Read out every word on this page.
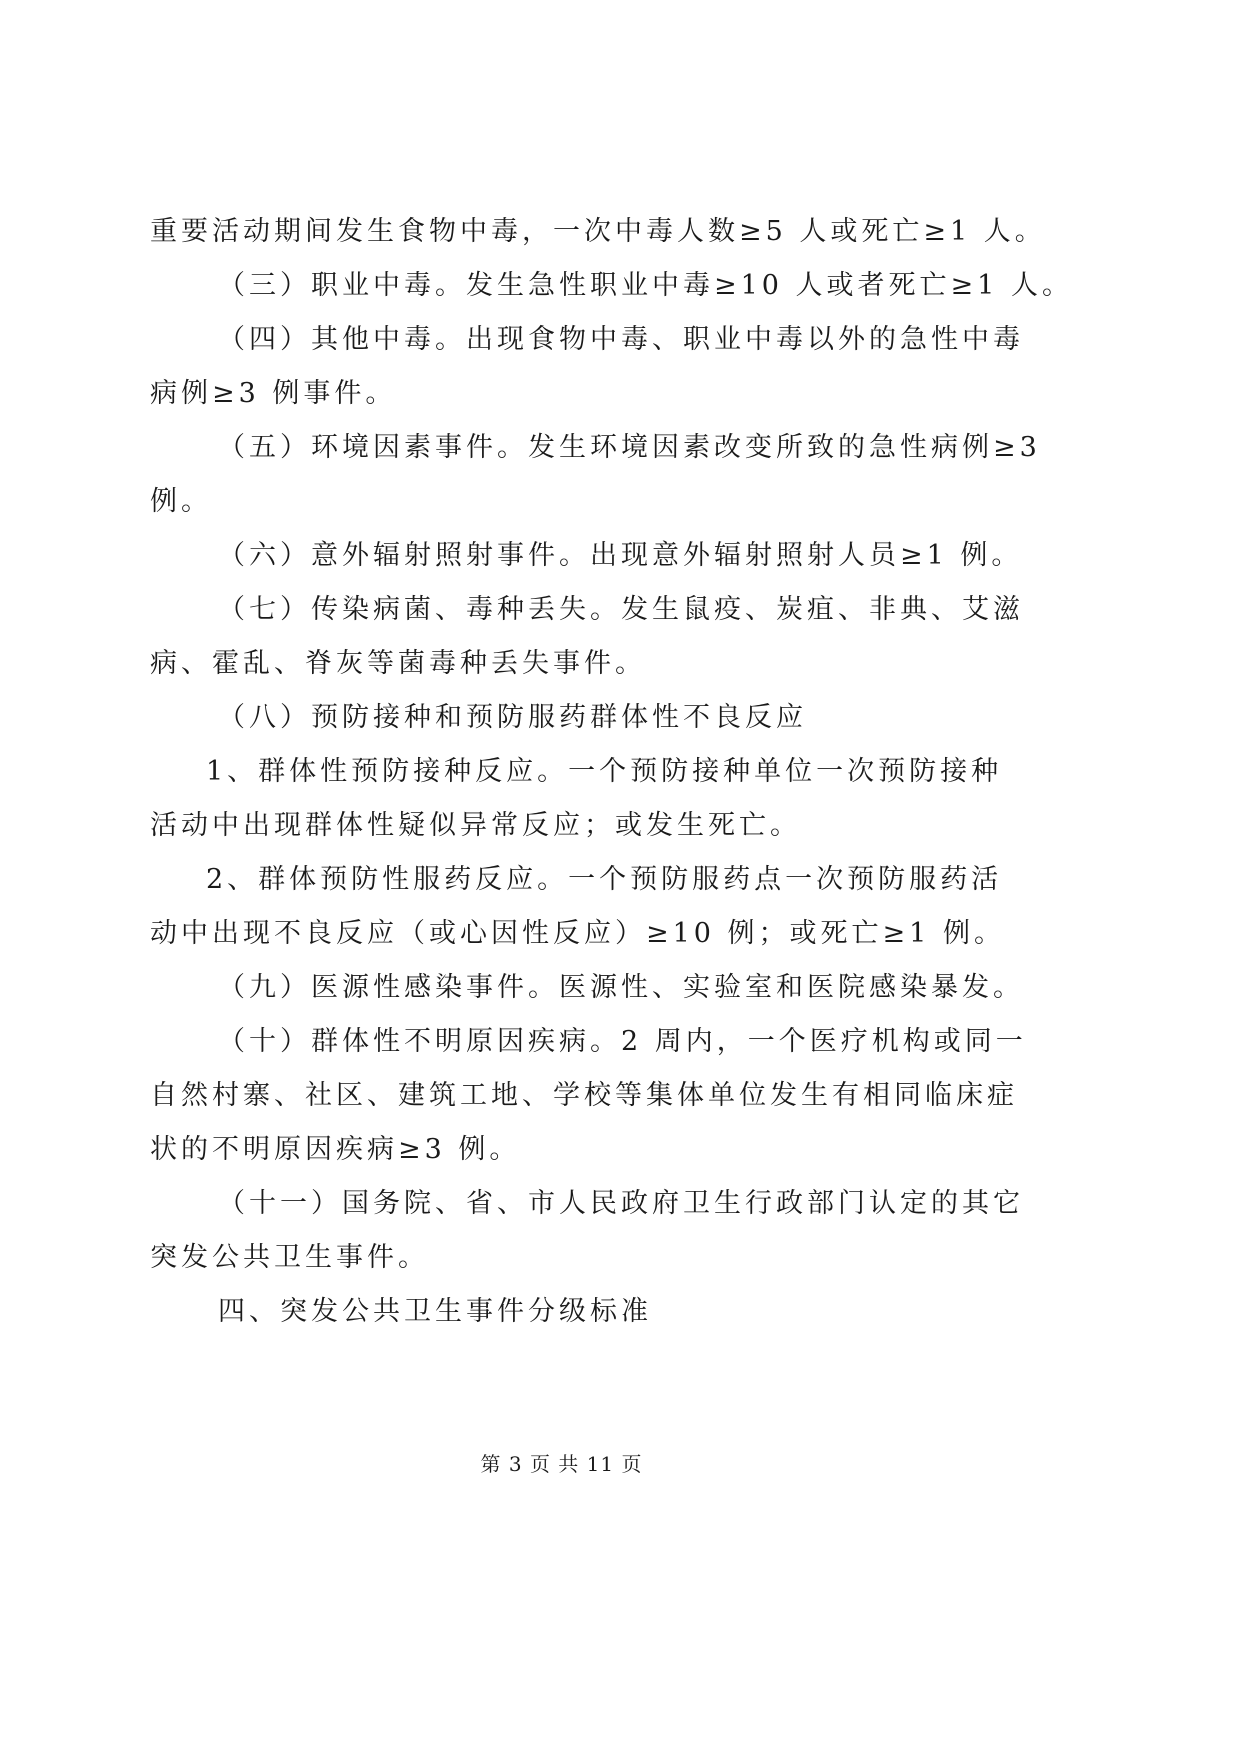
重要活动期间发生食物中毒，一次中毒人数≥5 人或死亡≥1 人。

（三）职业中毒。发生急性职业中毒≥10 人或者死亡≥1 人。

（四）其他中毒。出现食物中毒、职业中毒以外的急性中毒

病例≥3 例事件。

（五）环境因素事件。发生环境因素改变所致的急性病例≥3

例。

（六）意外辐射照射事件。出现意外辐射照射人员≥1 例。

（七）传染病菌、毒种丢失。发生鼠疫、炭疽、非典、艾滋

病、霍乱、脊灰等菌毒种丢失事件。

（八）预防接种和预防服药群体性不良反应

1、群体性预防接种反应。一个预防接种单位一次预防接种

活动中出现群体性疑似异常反应；或发生死亡。

2、群体预防性服药反应。一个预防服药点一次预防服药活

动中出现不良反应（或心因性反应）≥10 例；或死亡≥1 例。

（九）医源性感染事件。医源性、实验室和医院感染暴发。

（十）群体性不明原因疾病。2 周内，一个医疗机构或同一

自然村寨、社区、建筑工地、学校等集体单位发生有相同临床症

状的不明原因疾病≥3 例。

（十一）国务院、省、市人民政府卫生行政部门认定的其它

突发公共卫生事件。

四、突发公共卫生事件分级标准

第 3 页 共 11 页
